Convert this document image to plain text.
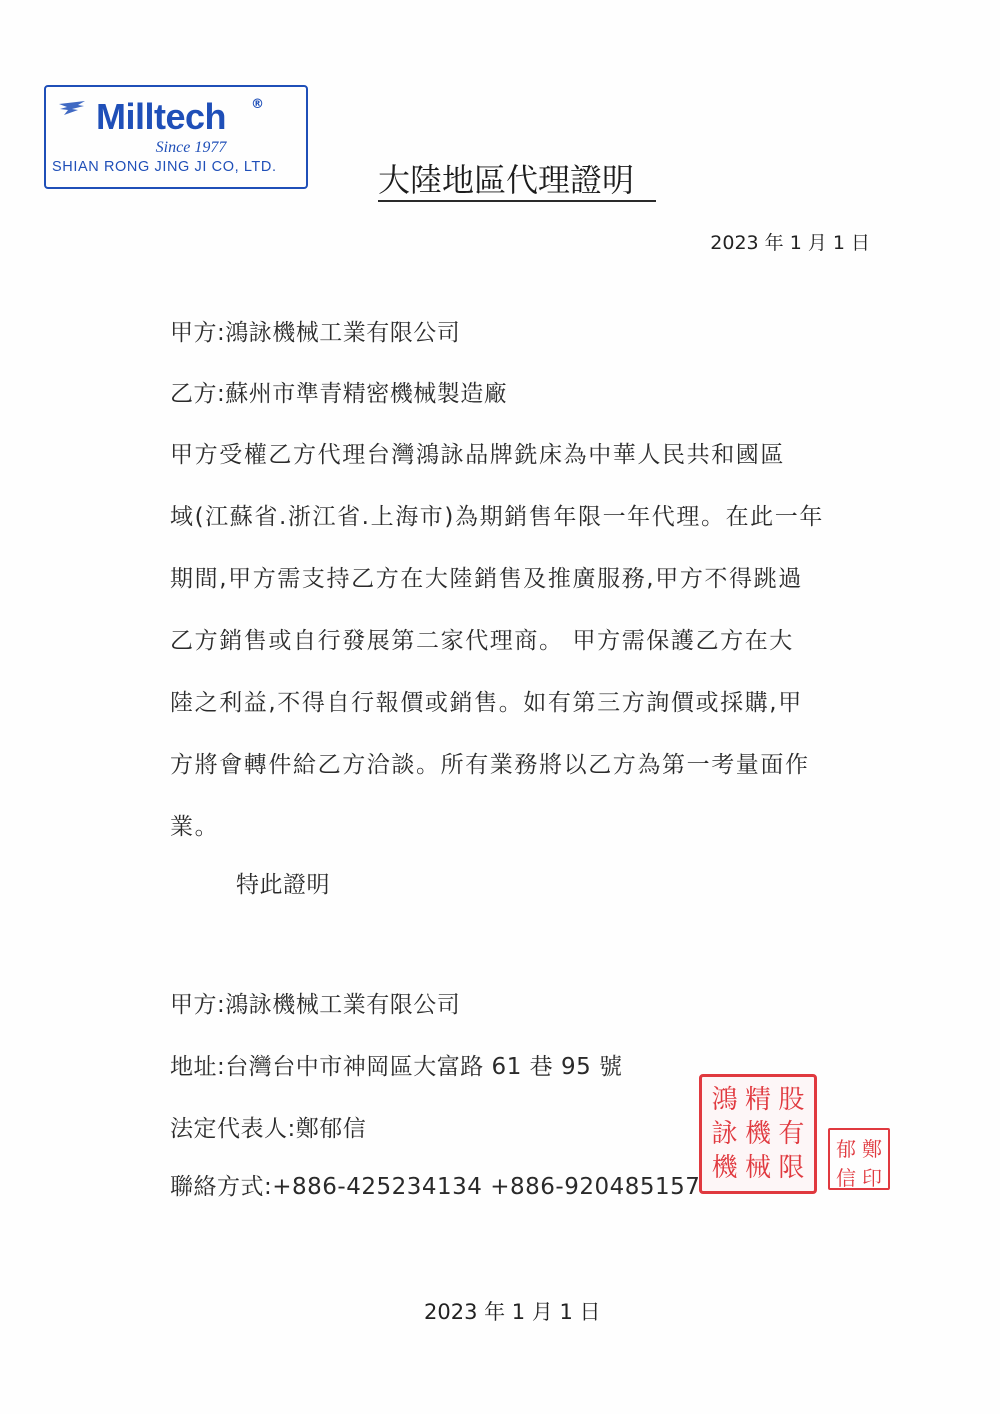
Milltech ®
Since 1977
SHIAN RONG JING JI CO, LTD.	大陸地區代理證明
2023 年 1 月 1 日
甲方:鴻詠機械工業有限公司
乙方:蘇州市準青精密機械製造廠
甲方受權乙方代理台灣鴻詠品牌銑床為中華人民共和國區
域(江蘇省.浙江省.上海市)為期銷售年限一年代理。在此一年
期間,甲方需支持乙方在大陸銷售及推廣服務,甲方不得跳過
乙方銷售或自行發展第二家代理商。 甲方需保護乙方在大
陸之利益,不得自行報價或銷售。如有第三方詢價或採購,甲
方將會轉件給乙方洽談。所有業務將以乙方為第一考量面作
業。
特此證明
甲方:鴻詠機械工業有限公司
地址:台灣台中市神岡區大富路 61 巷 95 號
法定代表人:鄭郁信
聯絡方式:+886-425234134 +886-920485157
鴻 精 股
詠 機 有
機 械 限
郁 鄭
信 印
2023 年 1 月 1 日
